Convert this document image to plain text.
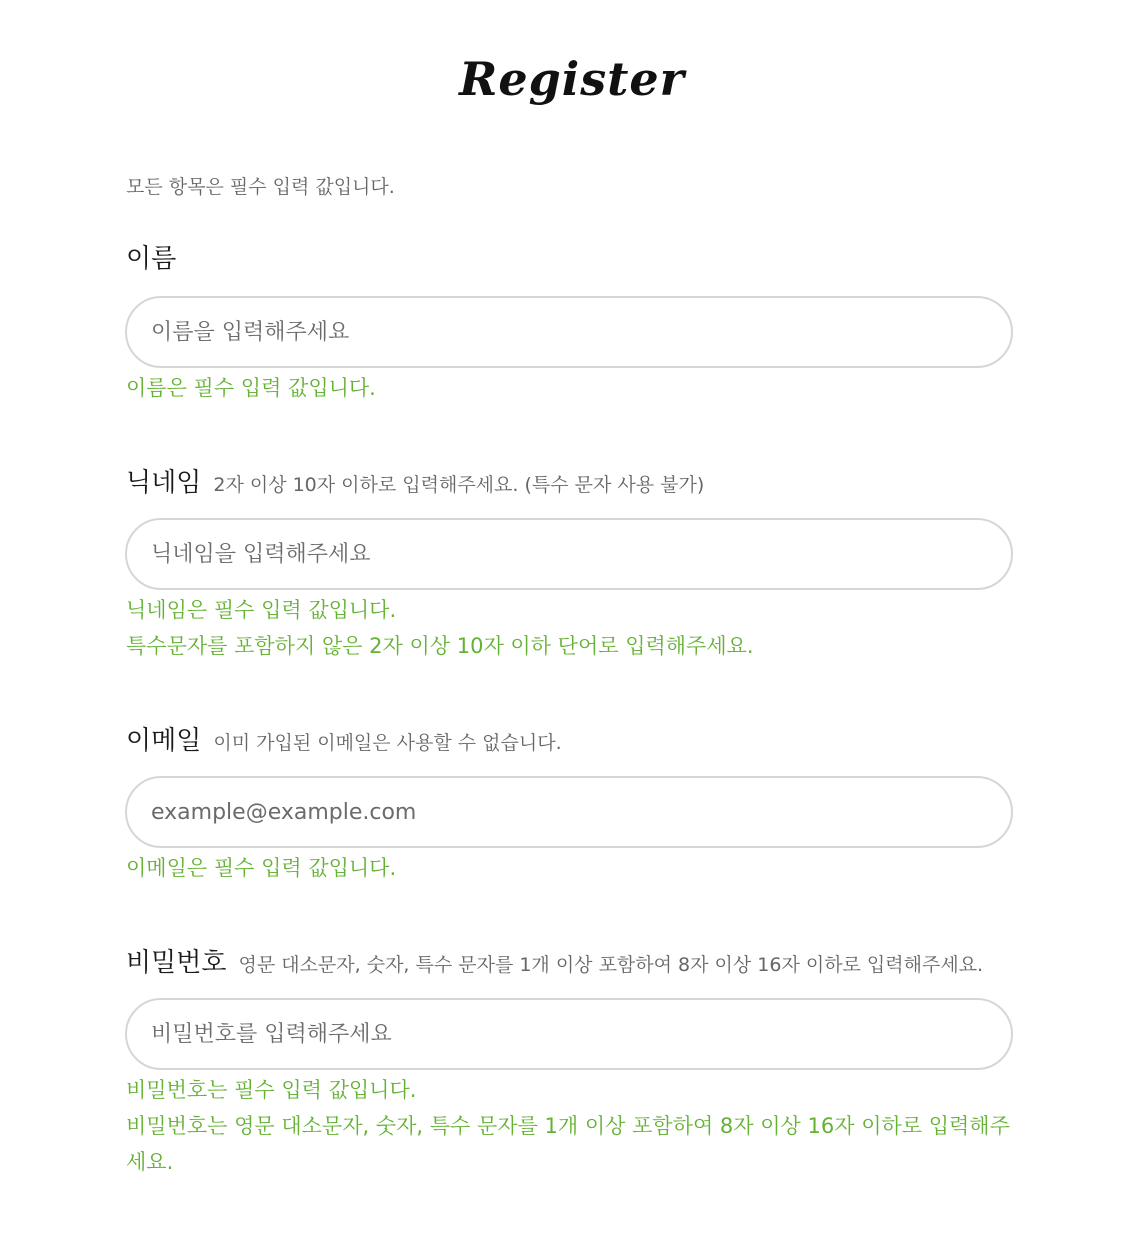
Register
모든 항목은 필수 입력 값입니다.
이름
이름을 입력해주세요
이름은 필수 입력 값입니다.
닉네임 2자 이상 10자 이하로 입력해주세요. (특수 문자 사용 불가)
닉네임을 입력해주세요
닉네임은 필수 입력 값입니다.
특수문자를 포함하지 않은 2자 이상 10자 이하 단어로 입력해주세요.
이메일 이미 가입된 이메일은 사용할 수 없습니다.
example@example.com
이메일은 필수 입력 값입니다.
비밀번호 영문 대소문자, 숫자, 특수 문자를 1개 이상 포함하여 8자 이상 16자 이하로 입력해주세요.
비밀번호는 필수 입력 값입니다.
비밀번호는 영문 대소문자, 숫자, 특수 문자를 1개 이상 포함하여 8자 이상 16자 이하로 입력해주세요.
